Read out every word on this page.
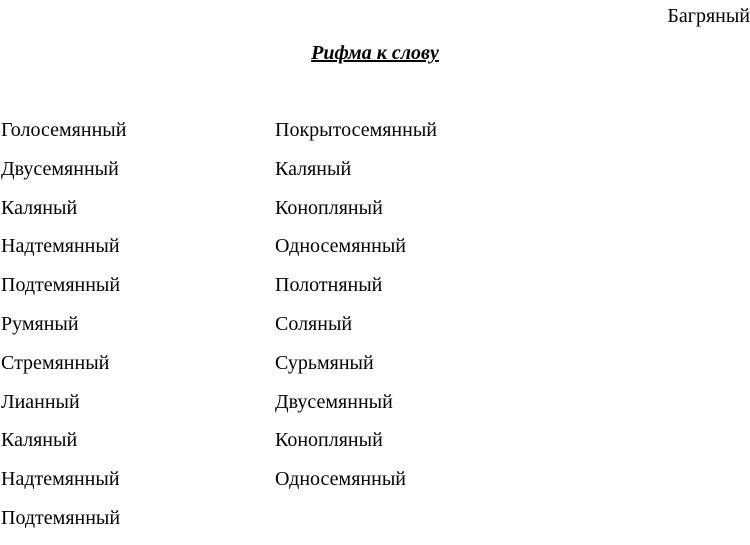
Багряный
Рифма к слову
Голосемянный
Двусемянный
Каляный
Надтемянный
Подтемянный
Румяный
Стремянный
Лианный
Каляный
Надтемянный
Подтемянный
Покрытосемянный
Каляный
Конопляный
Односемянный
Полотняный
Соляный
Сурьмяный
Двусемянный
Конопляный
Односемянный
